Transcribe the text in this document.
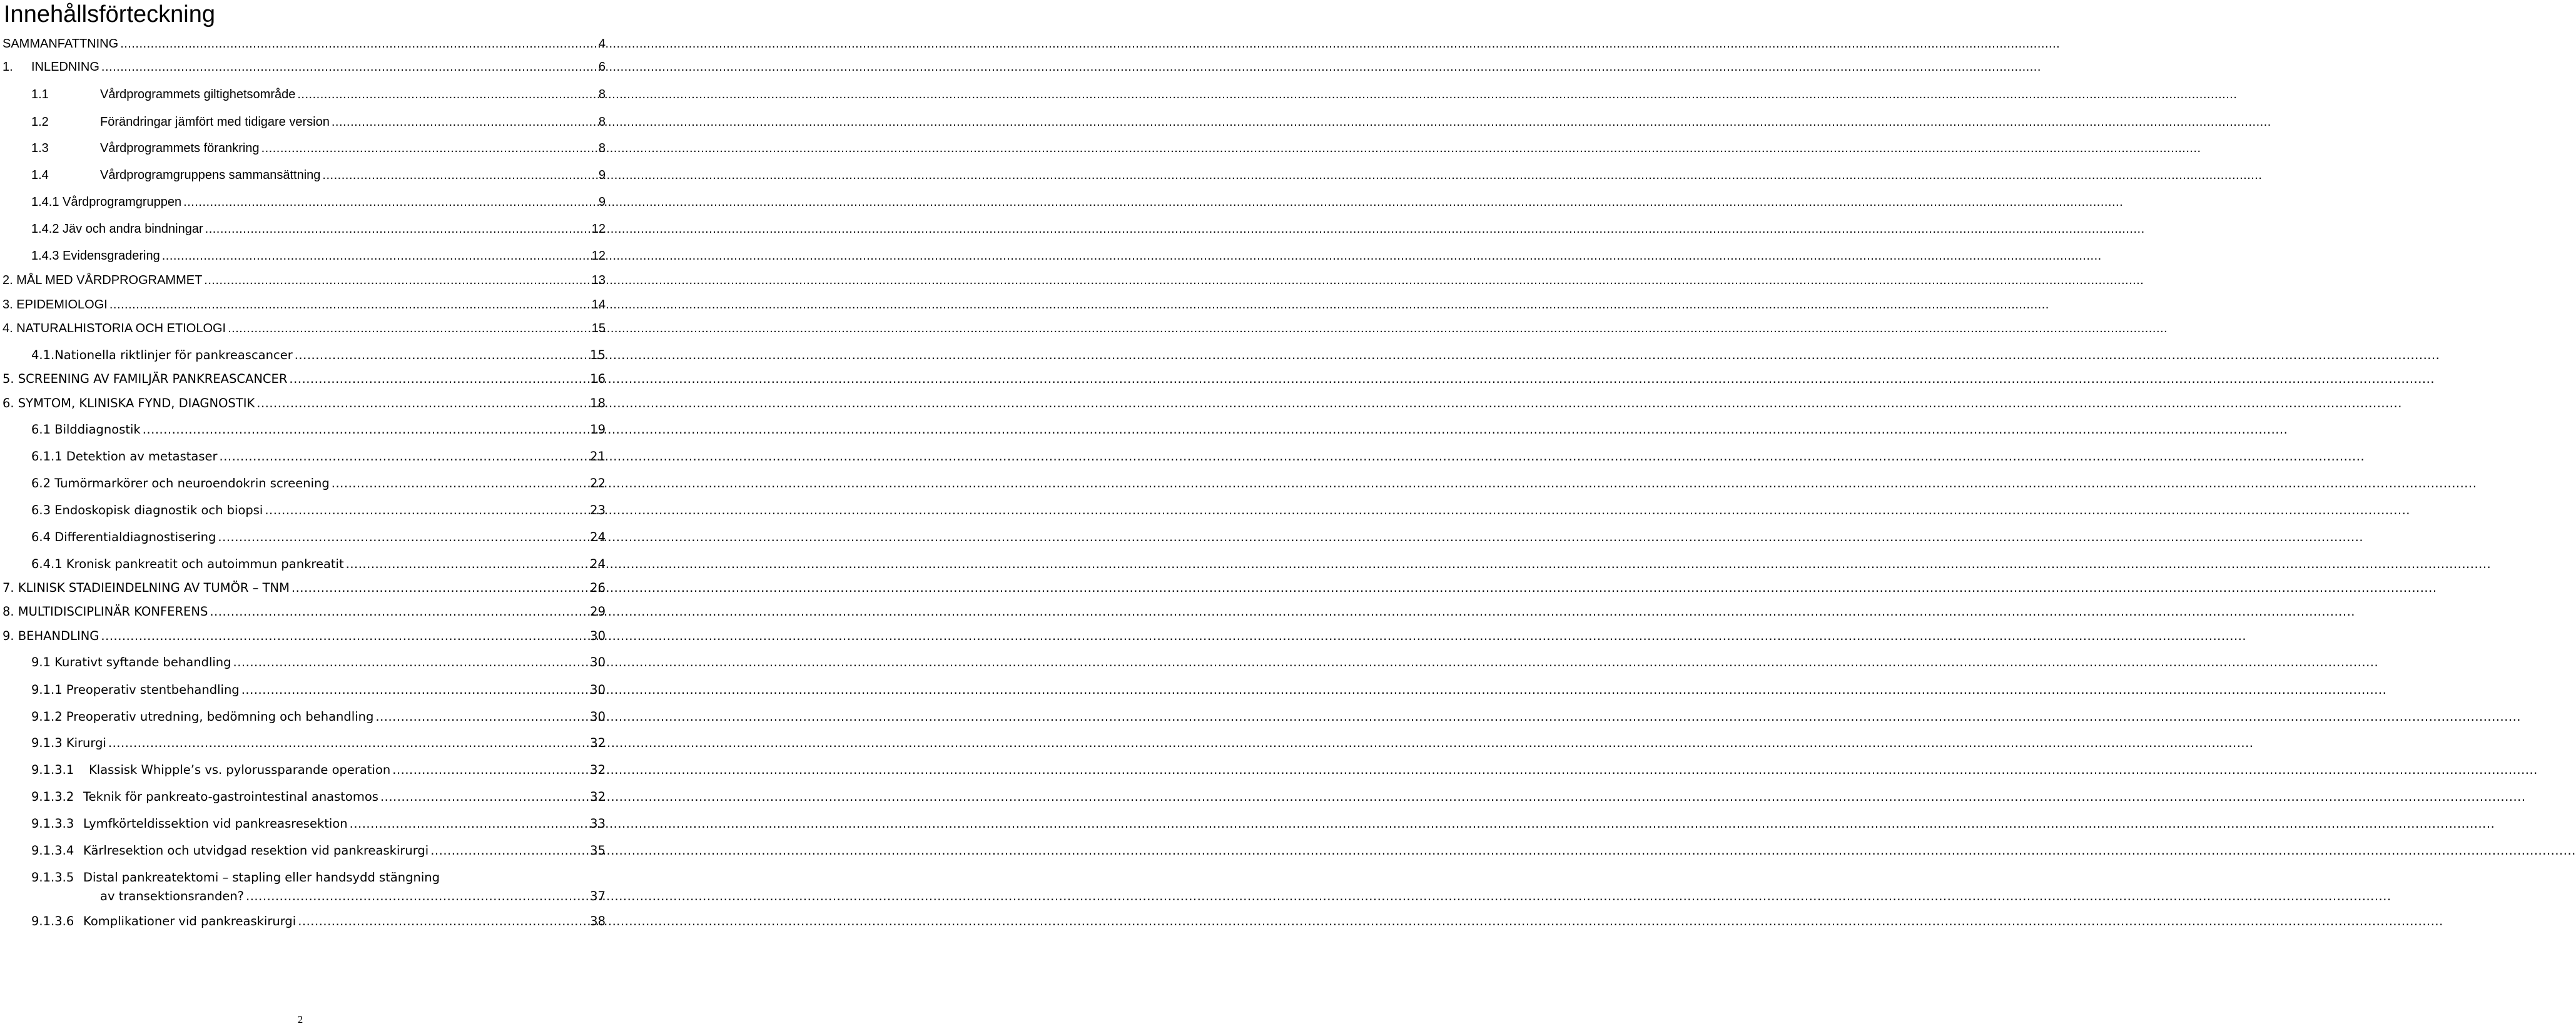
Innehållsförteckning
SAMMANFATTNING .....	4
1. INLEDNING .....	6
1.1	Vårdprogrammets giltighetsområde .....	8
1.2	Förändringar jämfört med tidigare version .....	8
1.3	Vårdprogrammets förankring .....	8
1.4	Vårdprogramgruppens sammansättning .....	9
1.4.1 Vårdprogramgruppen .....	9
1.4.2 Jäv och andra bindningar .....	12
1.4.3 Evidensgradering .....	12
2. MÅL MED VÅRDPROGRAMMET .....	13
3. EPIDEMIOLOGI .....	14
4. NATURALHISTORIA OCH ETIOLOGI .....	15
4.1.Nationella riktlinjer för pankreascancer .....	15
5. SCREENING AV FAMILJÄR PANKREASCANCER .....	16
6. SYMTOM, KLINISKA FYND, DIAGNOSTIK .....	18
6.1 Bilddiagnostik .....	19
6.1.1 Detektion av metastaser .....	21
6.2 Tumörmarkörer och neuroendokrin screening .....	22
6.3 Endoskopisk diagnostik och biopsi .....	23
6.4 Differentialdiagnostisering .....	24
6.4.1 Kronisk pankreatit och autoimmun pankreatit .....	24
7. KLINISK STADIEINDELNING AV TUMÖR – TNM .....	26
8. MULTIDISCIPLINÄR KONFERENS .....	29
9. BEHANDLING .....	30
9.1 Kurativt syftande behandling .....	30
9.1.1 Preoperativ stentbehandling .....	30
9.1.2 Preoperativ utredning, bedömning och behandling .....	30
9.1.3 Kirurgi .....	32
9.1.3.1 Klassisk Whipple’s vs. pylorussparande operation .....	32
9.1.3.2 Teknik för pankreato-gastrointestinal anastomos .....	32
9.1.3.3 Lymfkörteldissektion vid pankreasresektion .....	33
9.1.3.4 Kärlresektion och utvidgad resektion vid pankreaskirurgi .....	35
9.1.3.5 Distal pankreatektomi – stapling eller handsydd stängning
av transektionsranden? .....	37
9.1.3.6 Komplikationer vid pankreaskirurgi .....	38
2
